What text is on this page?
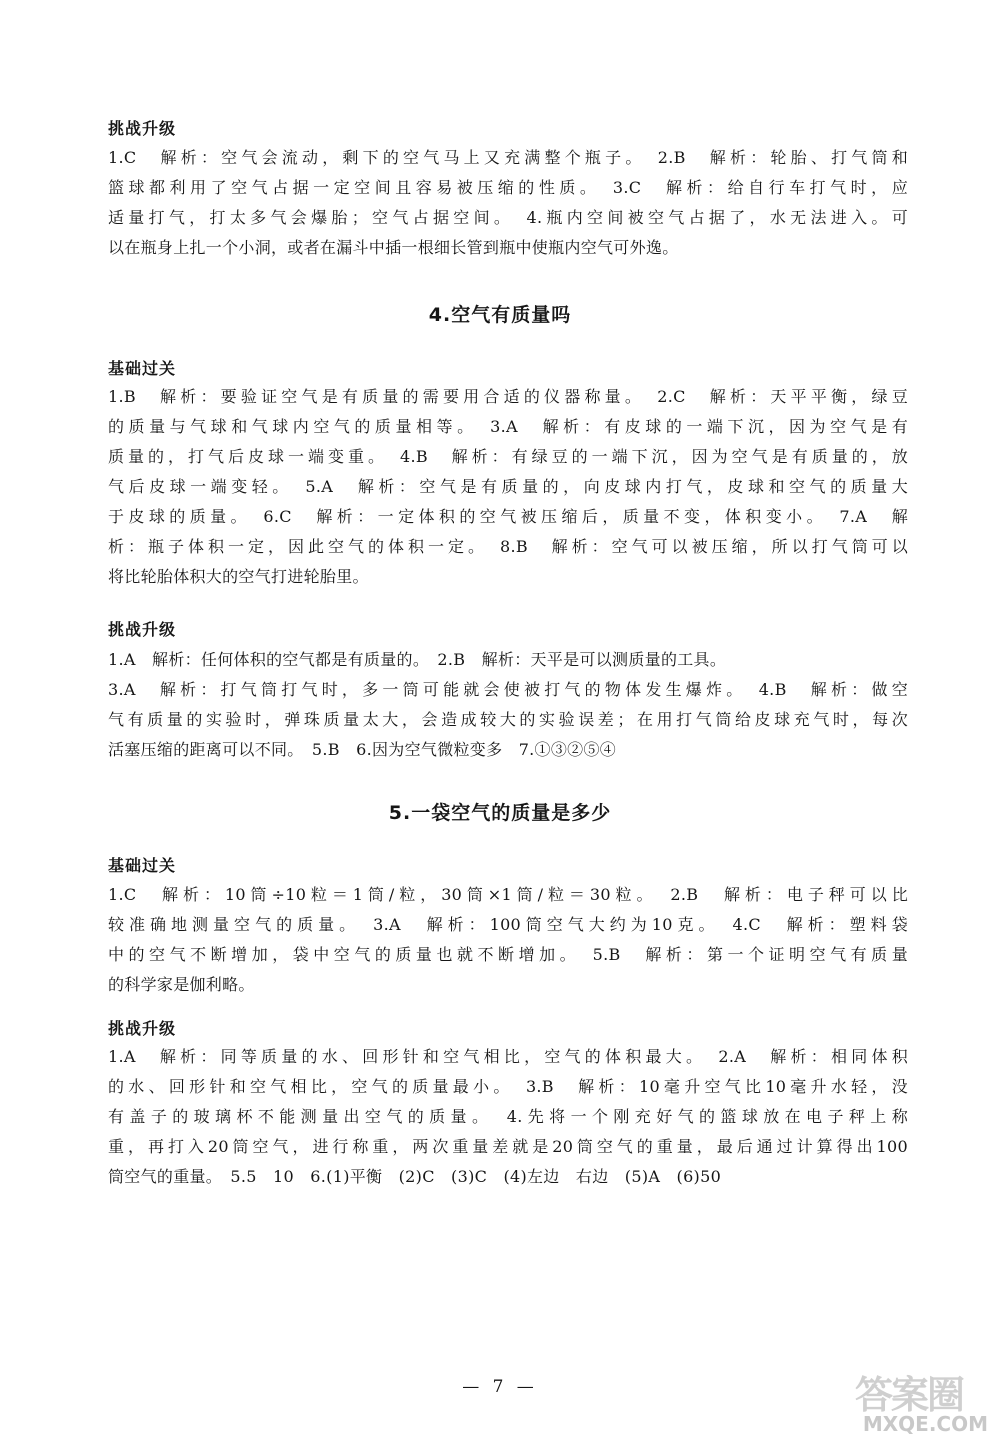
挑战升级
1.C　解析：空气会流动，剩下的空气马上又充满整个瓶子。　2.B　解析：轮胎、打气筒和
篮球都利用了空气占据一定空间且容易被压缩的性质。　3.C　解析：给自行车打气时，应
适量打气，打太多气会爆胎；空气占据空间。　4.瓶内空间被空气占据了，水无法进入。可
以在瓶身上扎一个小洞，或者在漏斗中插一根细长管到瓶中使瓶内空气可外逸。
4.空气有质量吗
基础过关
1.B　解析：要验证空气是有质量的需要用合适的仪器称量。　2.C　解析：天平平衡，绿豆
的质量与气球和气球内空气的质量相等。　3.A　解析：有皮球的一端下沉，因为空气是有
质量的，打气后皮球一端变重。　4.B　解析：有绿豆的一端下沉，因为空气是有质量的，放
气后皮球一端变轻。　5.A　解析：空气是有质量的，向皮球内打气，皮球和空气的质量大
于皮球的质量。　6.C　解析：一定体积的空气被压缩后，质量不变，体积变小。　7.A　解
析：瓶子体积一定，因此空气的体积一定。　8.B　解析：空气可以被压缩，所以打气筒可以
将比轮胎体积大的空气打进轮胎里。
挑战升级
1.A　解析：任何体积的空气都是有质量的。　2.B　解析：天平是可以测质量的工具。
3.A　解析：打气筒打气时，多一筒可能就会使被打气的物体发生爆炸。　4.B　解析：做空
气有质量的实验时，弹珠质量太大，会造成较大的实验误差；在用打气筒给皮球充气时，每次
活塞压缩的距离可以不同。　5.B　6.因为空气微粒变多　7.①③②⑤④
5.一袋空气的质量是多少
基础过关
1.C　解析：10筒÷10粒＝1筒/粒，30筒×1筒/粒＝30粒。　2.B　解析：电子秤可以比
较准确地测量空气的质量。　3.A　解析：100筒空气大约为10克。　4.C　解析：塑料袋
中的空气不断增加，袋中空气的质量也就不断增加。　5.B　解析：第一个证明空气有质量
的科学家是伽利略。
挑战升级
1.A　解析：同等质量的水、回形针和空气相比，空气的体积最大。　2.A　解析：相同体积
的水、回形针和空气相比，空气的质量最小。　3.B　解析：10毫升空气比10毫升水轻，没
有盖子的玻璃杯不能测量出空气的质量。　4.先将一个刚充好气的篮球放在电子秤上称
重，再打入20筒空气，进行称重，两次重量差就是20筒空气的重量，最后通过计算得出100
筒空气的重量。　5.5　10　6.(1)平衡　(2)C　(3)C　(4)左边　右边　(5)A　(6)50
— 7 —	答案圈
MXQE.COM
